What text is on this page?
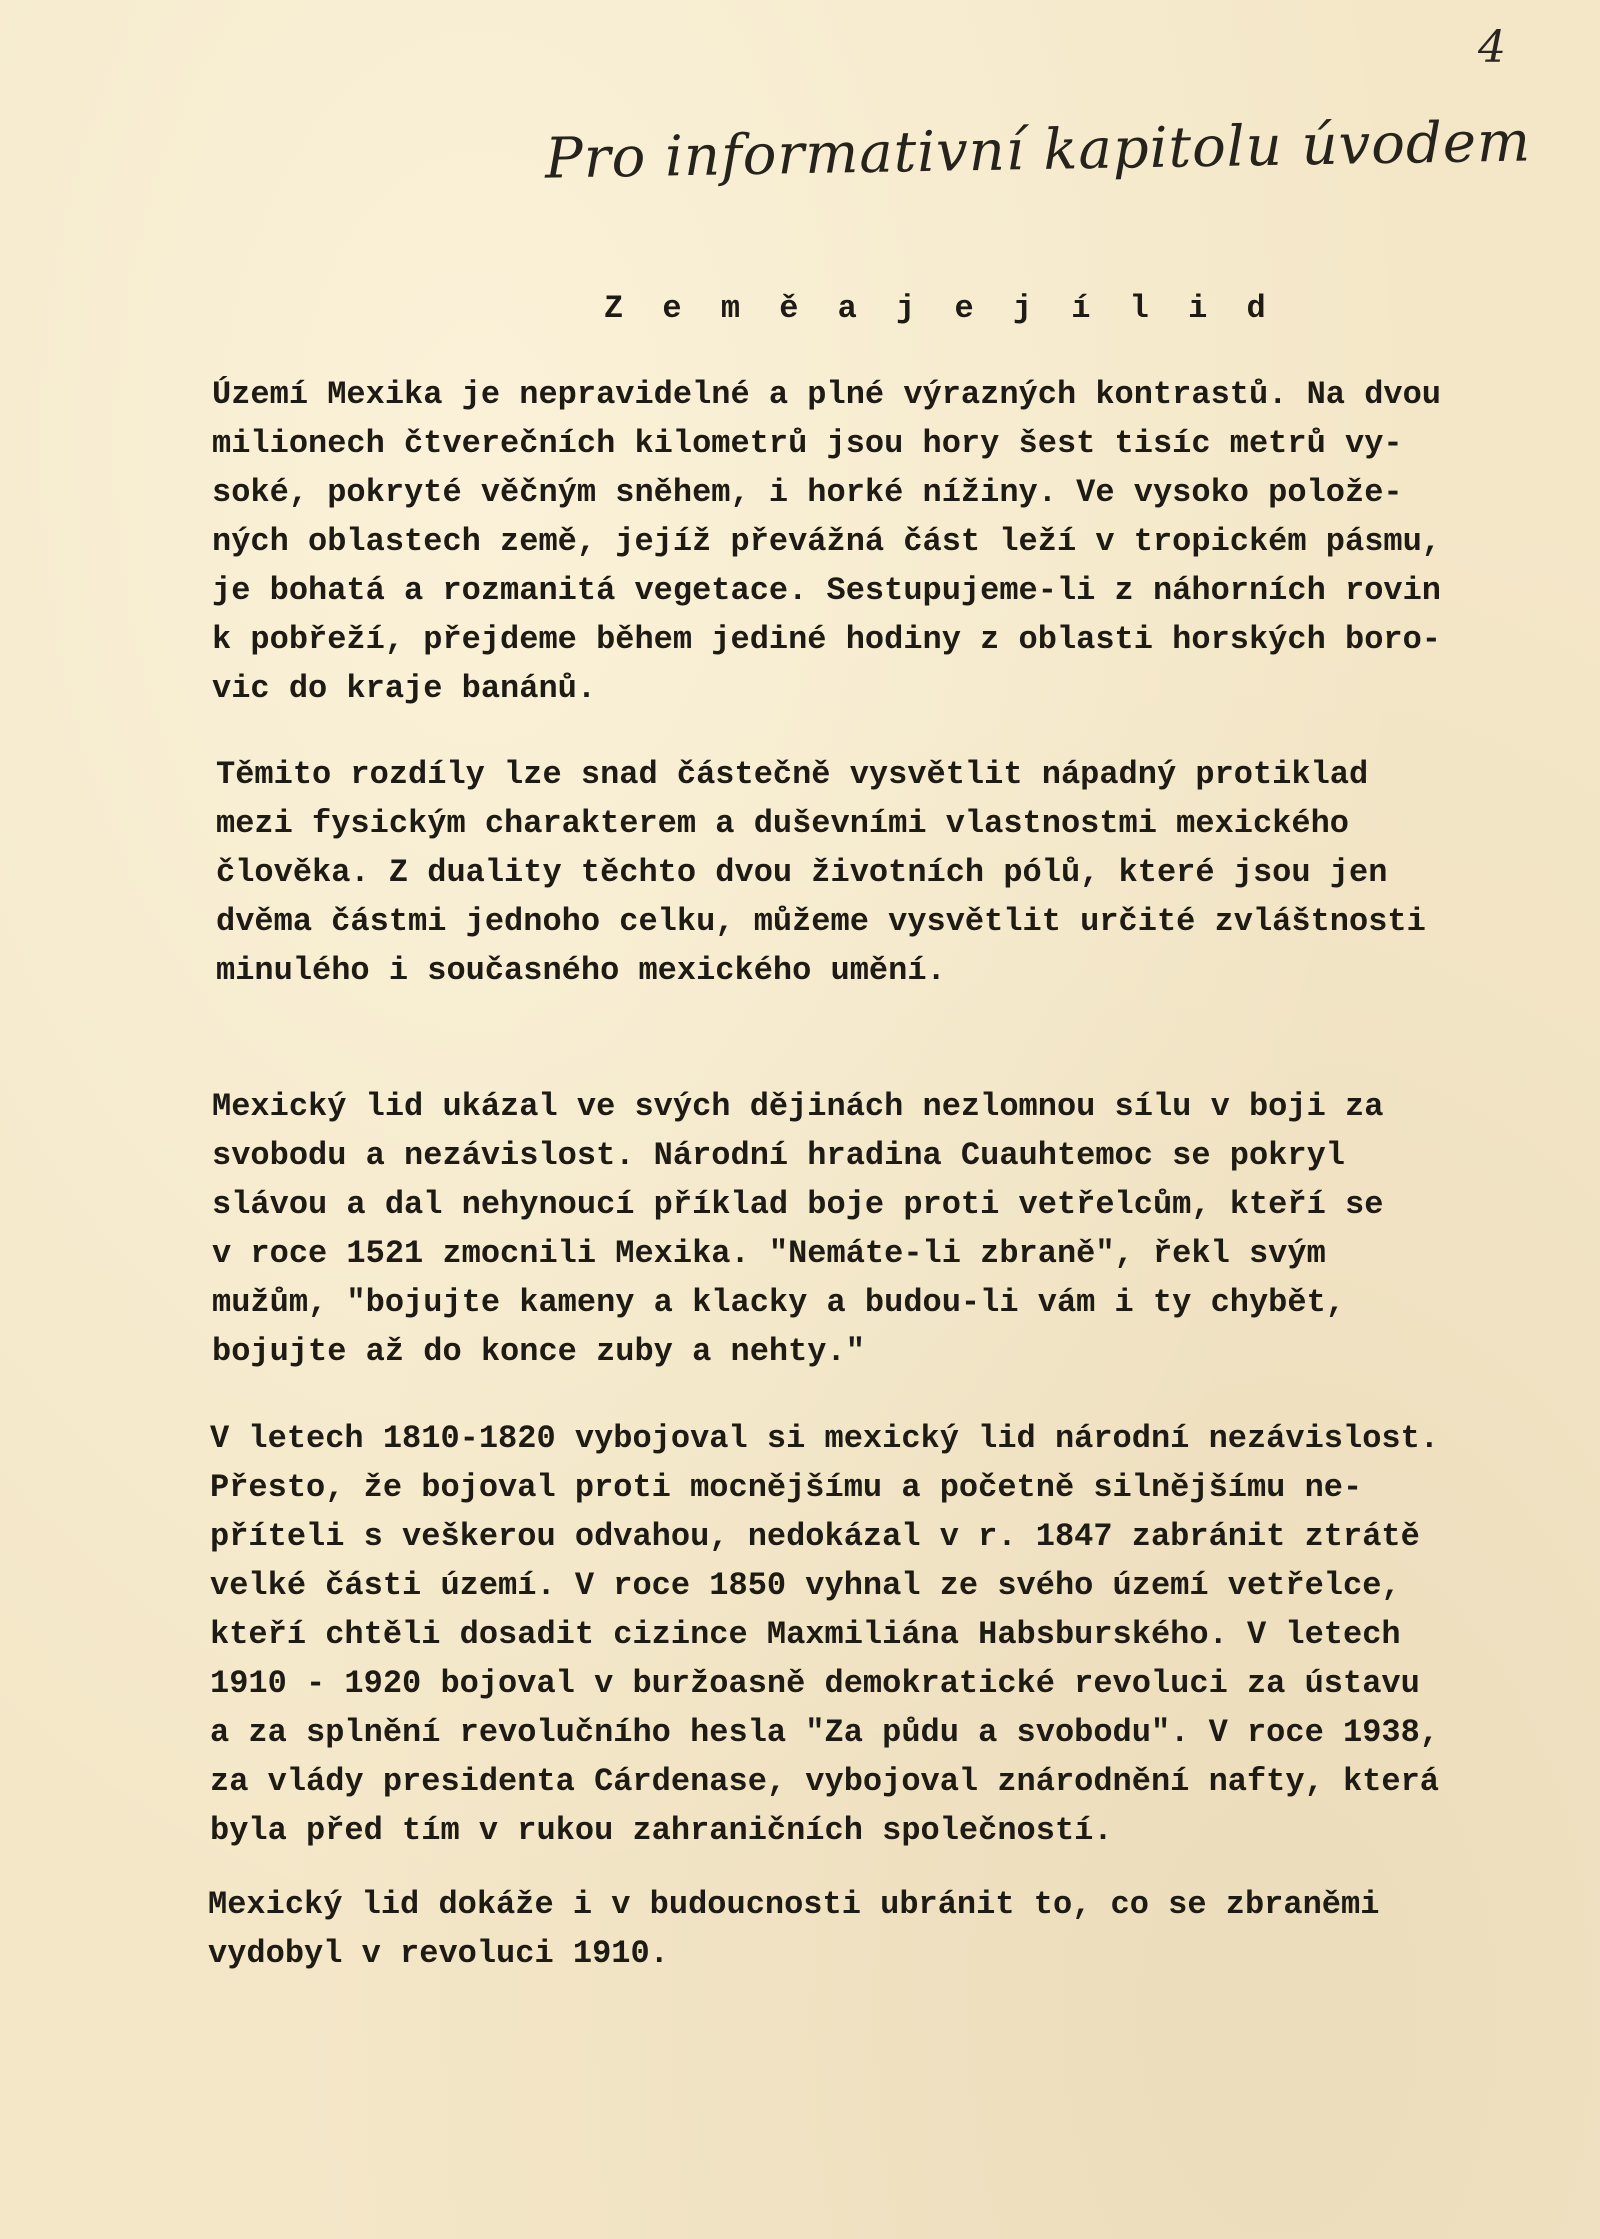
4
Pro informativní kapitolu úvodem
Z e m ě a j e j í l i d

Území Mexika je nepravidelné a plné výrazných kontrastů. Na dvou
milionech čtverečních kilometrů jsou hory šest tisíc metrů vy-
soké, pokryté věčným sněhem, i horké nížiny. Ve vysoko polože-
ných oblastech země, jejíž převážná část leží v tropickém pásmu,
je bohatá a rozmanitá vegetace. Sestupujeme-li z náhorních rovin
k pobřeží, přejdeme během jediné hodiny z oblasti horských boro-
vic do kraje banánů.

Těmito rozdíly lze snad částečně vysvětlit nápadný protiklad
mezi fysickým charakterem a duševními vlastnostmi mexického
člověka. Z duality těchto dvou životních pólů, které jsou jen
dvěma částmi jednoho celku, můžeme vysvětlit určité zvláštnosti
minulého i současného mexického umění.

Mexický lid ukázal ve svých dějinách nezlomnou sílu v boji za
svobodu a nezávislost. Národní hradina Cuauhtemoc se pokryl
slávou a dal nehynoucí příklad boje proti vetřelcům, kteří se
v roce 1521 zmocnili Mexika. "Nemáte-li zbraně", řekl svým
mužům, "bojujte kameny a klacky a budou-li vám i ty chybět,
bojujte až do konce zuby a nehty."

V letech 1810-1820 vybojoval si mexický lid národní nezávislost.
Přesto, že bojoval proti mocnějšímu a početně silnějšímu ne-
příteli s veškerou odvahou, nedokázal v r. 1847 zabránit ztrátě
velké části území. V roce 1850 vyhnal ze svého území vetřelce,
kteří chtěli dosadit cizince Maxmiliána Habsburského. V letech
1910 - 1920 bojoval v buržoasně demokratické revoluci za ústavu
a za splnění revolučního hesla "Za půdu a svobodu". V roce 1938,
za vlády presidenta Cárdenase, vybojoval znárodnění nafty, která
byla před tím v rukou zahraničních společností.

Mexický lid dokáže i v budoucnosti ubránit to, co se zbraněmi
vydobyl v revoluci 1910.
